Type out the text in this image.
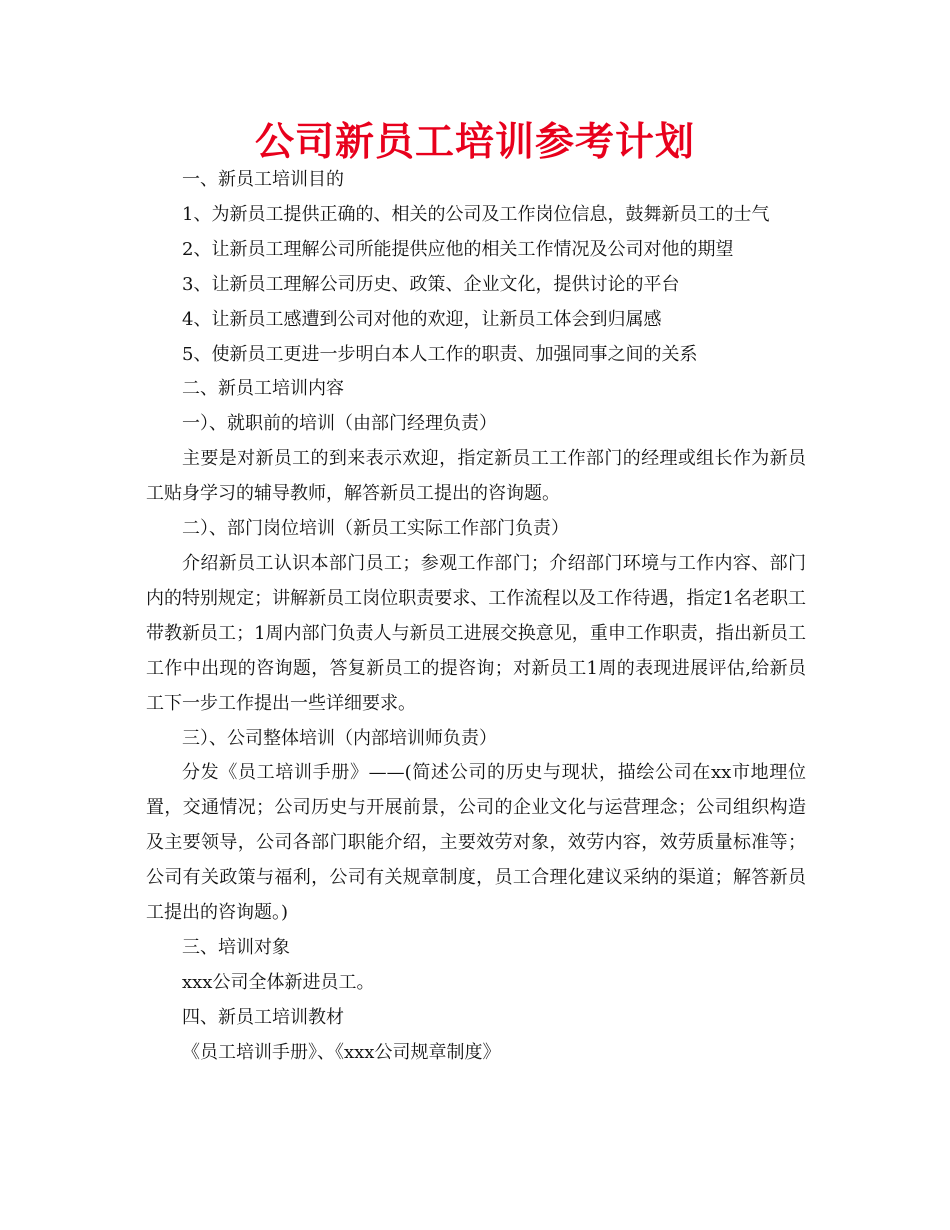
公司新员工培训参考计划

一、新员工培训目的

1、为新员工提供正确的、相关的公司及工作岗位信息，鼓舞新员工的士气

2、让新员工理解公司所能提供应他的相关工作情况及公司对他的期望

3、让新员工理解公司历史、政策、企业文化，提供讨论的平台

4、让新员工感遭到公司对他的欢迎，让新员工体会到归属感

5、使新员工更进一步明白本人工作的职责、加强同事之间的关系

二、新员工培训内容

一）、就职前的培训（由部门经理负责）

主要是对新员工的到来表示欢迎，指定新员工工作部门的经理或组长作为新员工贴身学习的辅导教师，解答新员工提出的咨询题。

二）、部门岗位培训（新员工实际工作部门负责）

介绍新员工认识本部门员工；参观工作部门；介绍部门环境与工作内容、部门内的特别规定；讲解新员工岗位职责要求、工作流程以及工作待遇，指定1名老职工带教新员工；1周内部门负责人与新员工进展交换意见，重申工作职责，指出新员工工作中出现的咨询题，答复新员工的提咨询；对新员工1周的表现进展评估,给新员工下一步工作提出一些详细要求。

三）、公司整体培训（内部培训师负责）

分发《员工培训手册》——(简述公司的历史与现状，描绘公司在xx市地理位置，交通情况；公司历史与开展前景，公司的企业文化与运营理念；公司组织构造及主要领导，公司各部门职能介绍，主要效劳对象，效劳内容，效劳质量标准等；公司有关政策与福利，公司有关规章制度，员工合理化建议采纳的渠道；解答新员工提出的咨询题。)

三、培训对象

xxx公司全体新进员工。

四、新员工培训教材

《员工培训手册》、《xxx公司规章制度》
